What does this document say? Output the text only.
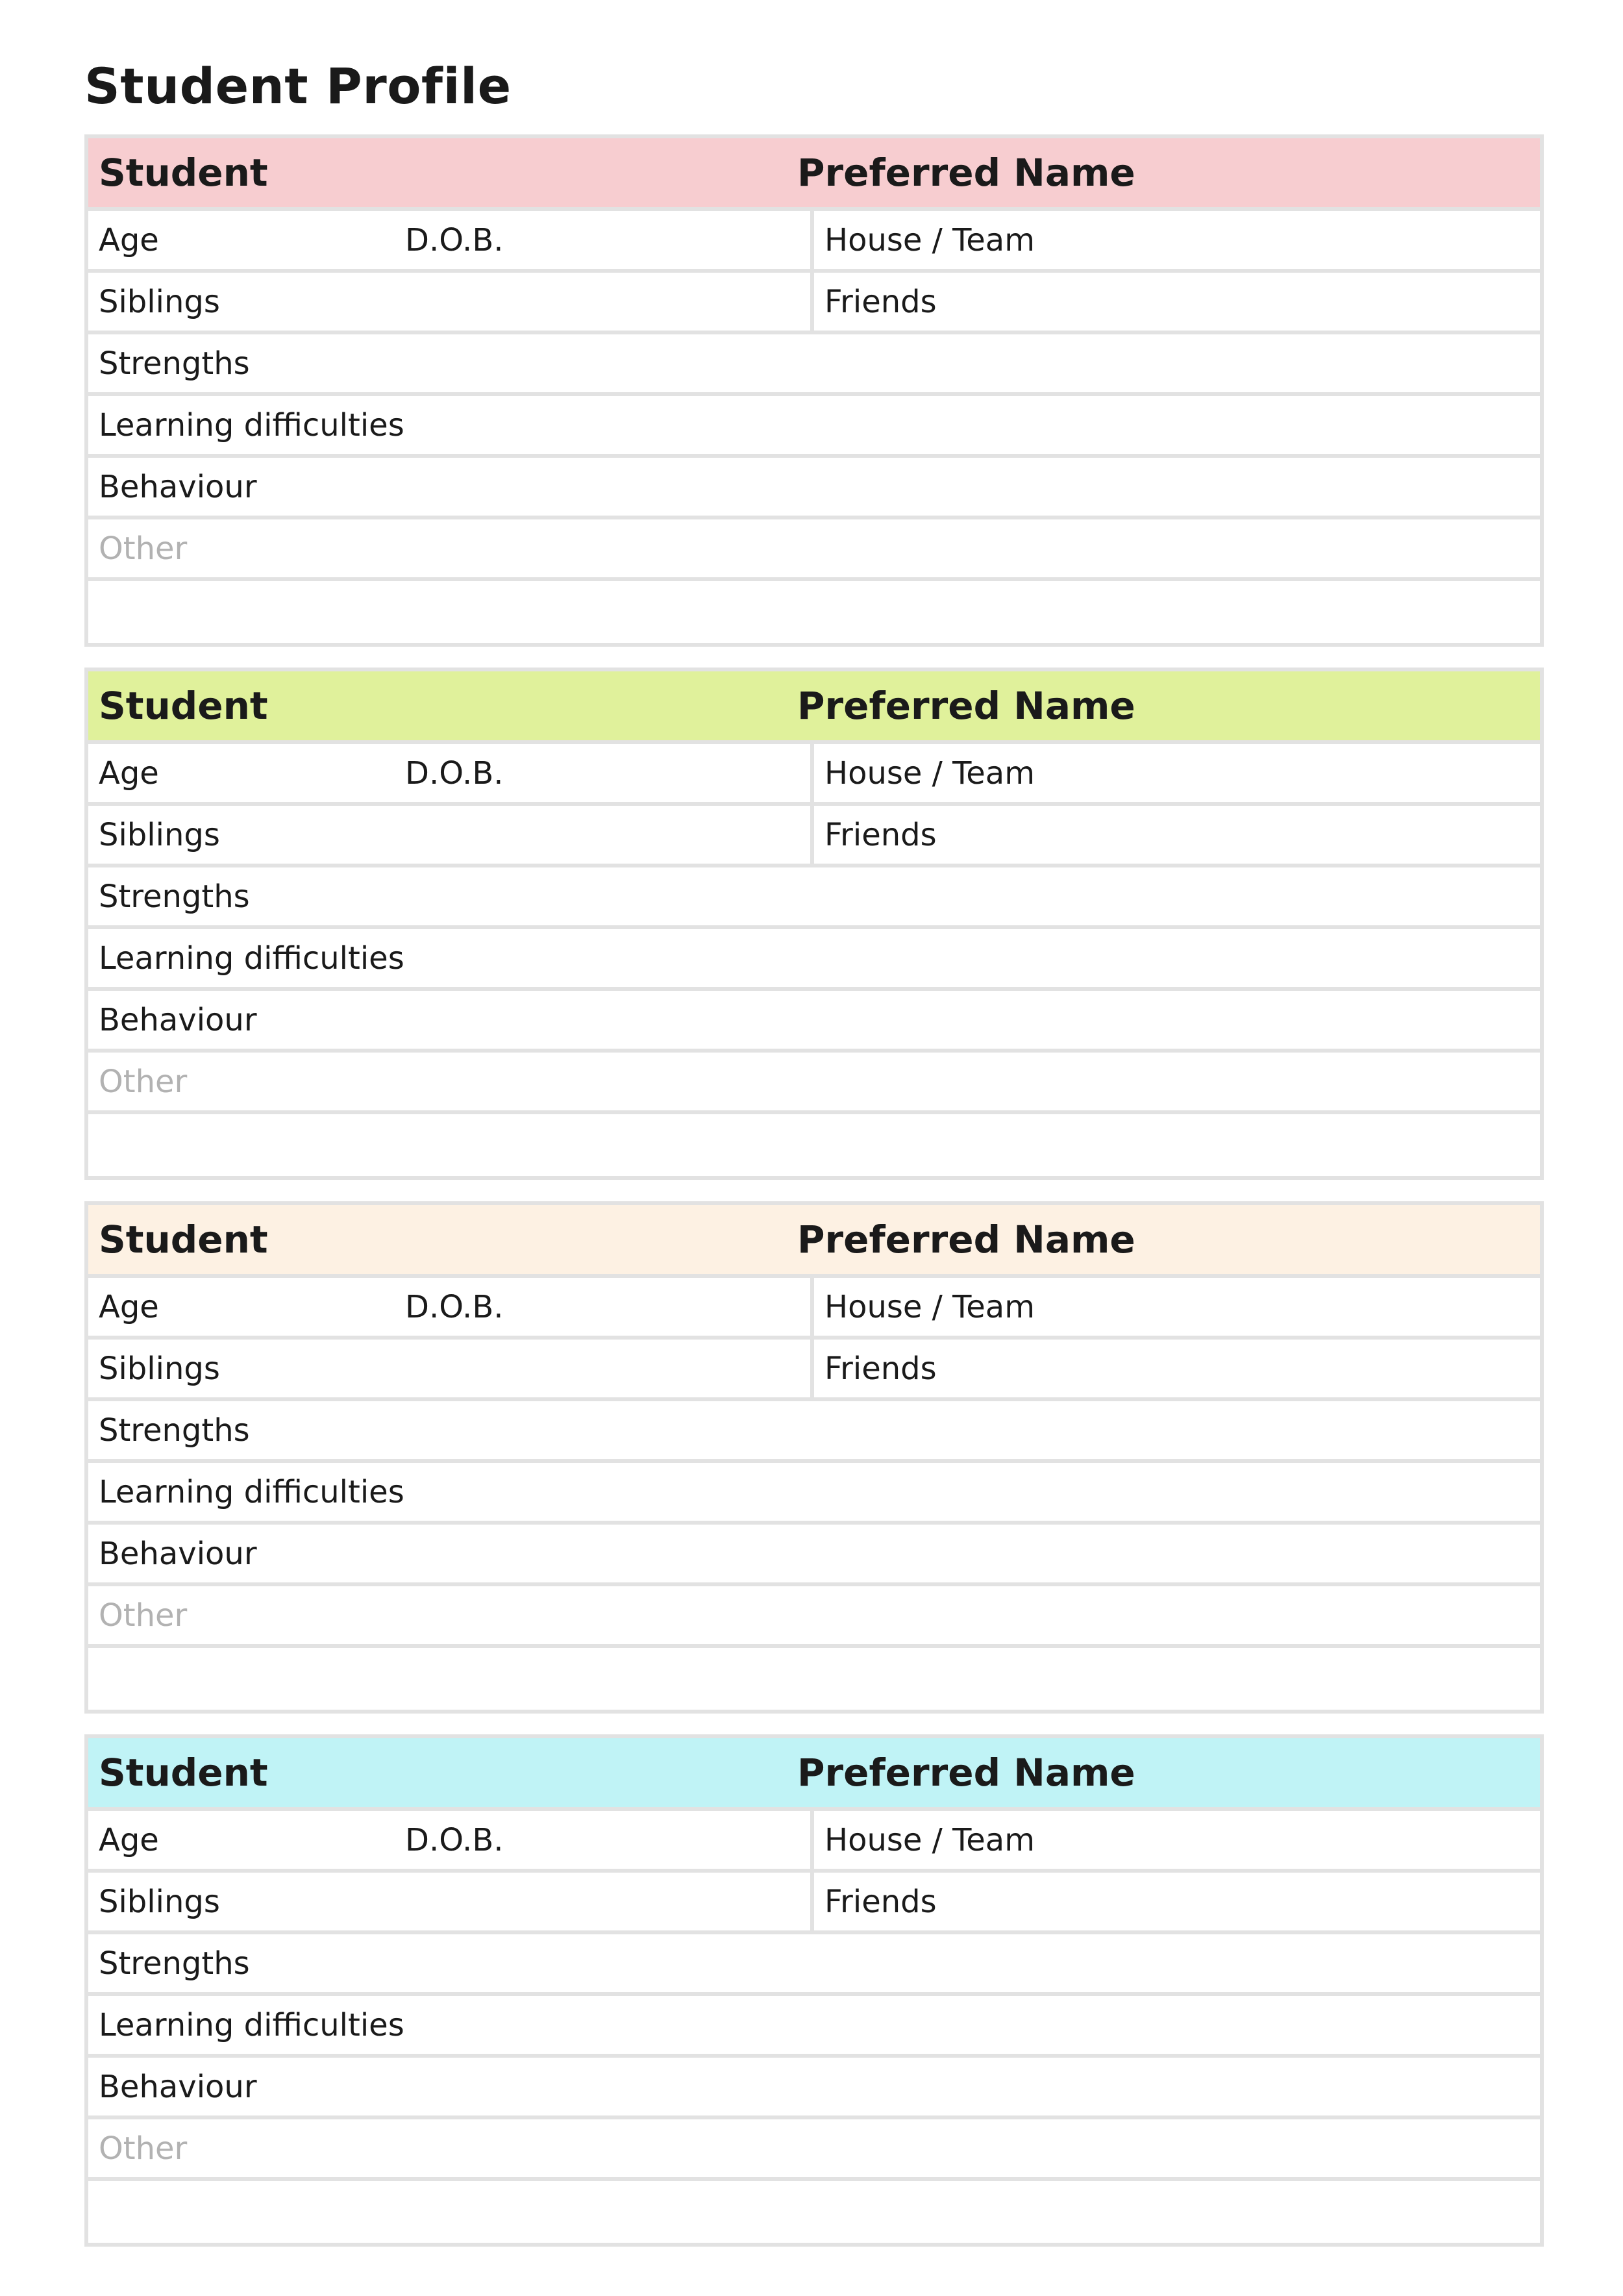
Student Profile
Student	Preferred Name
Age	D.O.B.	House / Team
Siblings	Friends
Strengths
Learning difficulties
Behaviour
Other
Student	Preferred Name
Age	D.O.B.	House / Team
Siblings	Friends
Strengths
Learning difficulties
Behaviour
Other
Student	Preferred Name
Age	D.O.B.	House / Team
Siblings	Friends
Strengths
Learning difficulties
Behaviour
Other
Student	Preferred Name
Age	D.O.B.	House / Team
Siblings	Friends
Strengths
Learning difficulties
Behaviour
Other
